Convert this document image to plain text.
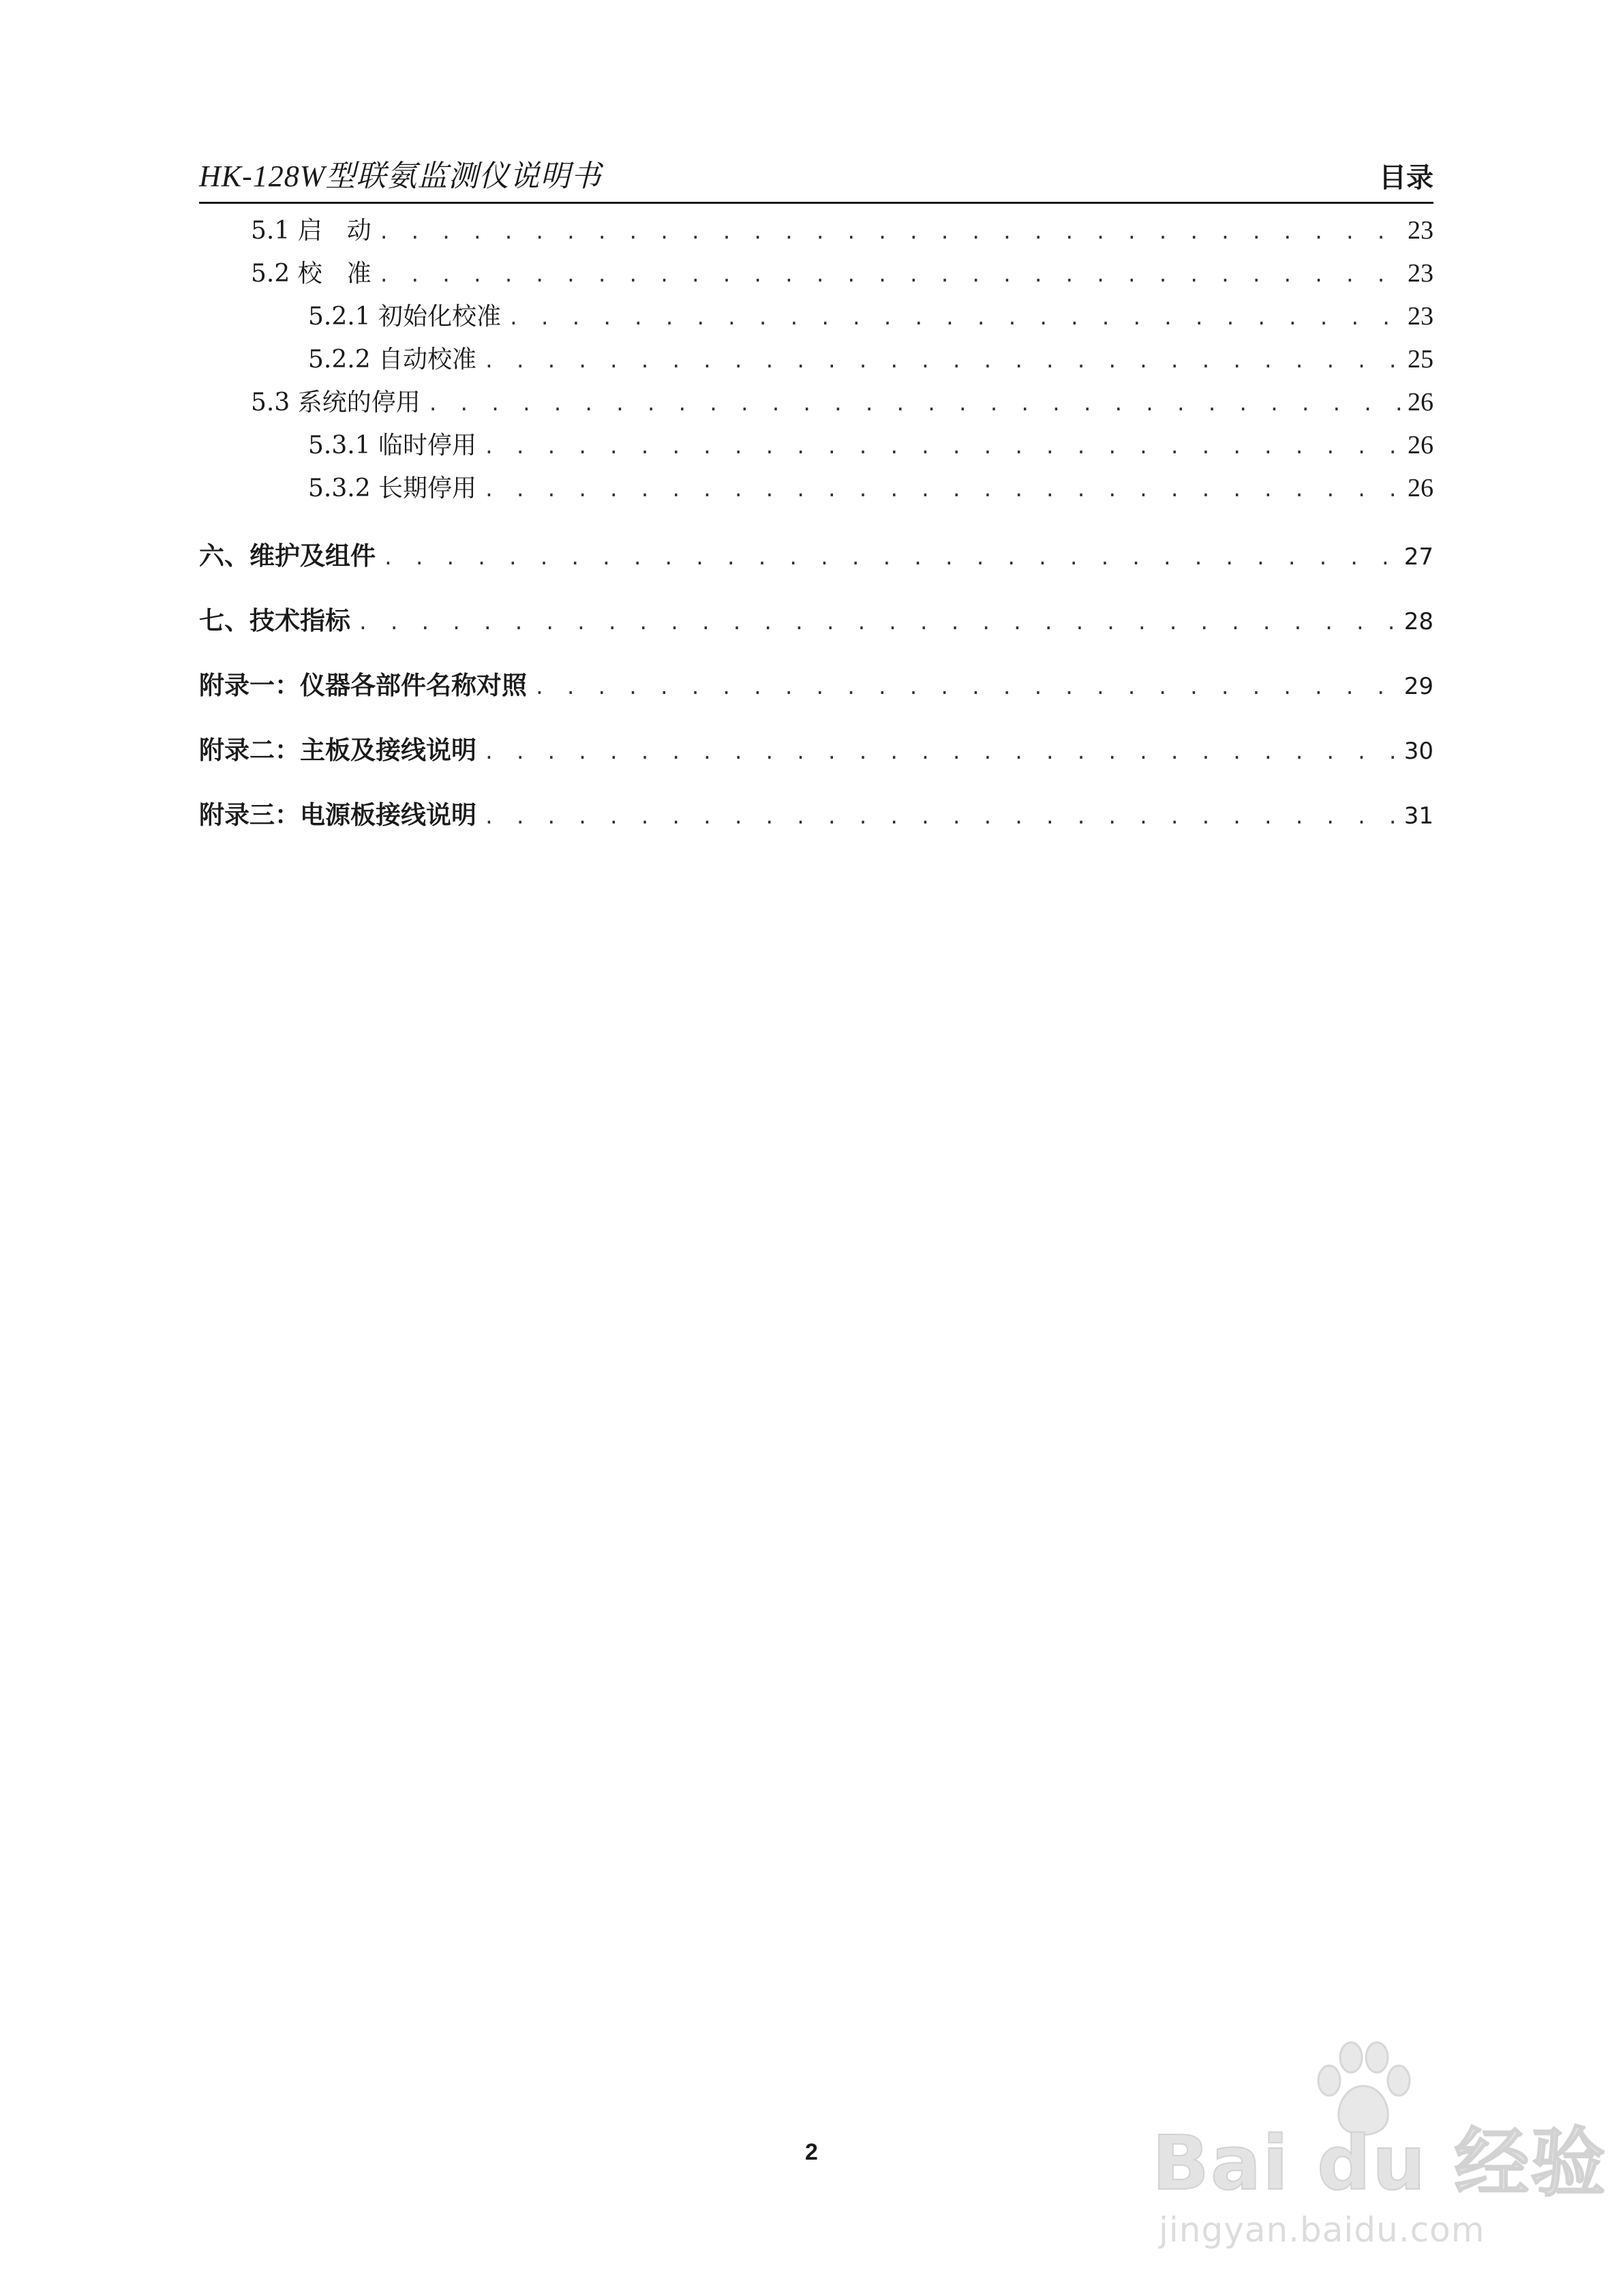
HK-128W型联氨监测仪说明书	目录
5.1 启　动 . . .	23
5.2 校　准 . . .	23
5.2.1 初始化校准 . . .	23
5.2.2 自动校准 . . .	25
5.3 系统的停用 . . .	26
5.3.1 临时停用 . . .	26
5.3.2 长期停用 . . .	26
六、维护及组件 . . .	27
七、技术指标 . . .	28
附录一：仪器各部件名称对照 . . .	29
附录二：主板及接线说明 . . .	30
附录三：电源板接线说明 . . .	31
2	Bai du 经验
jingyan.baidu.com
